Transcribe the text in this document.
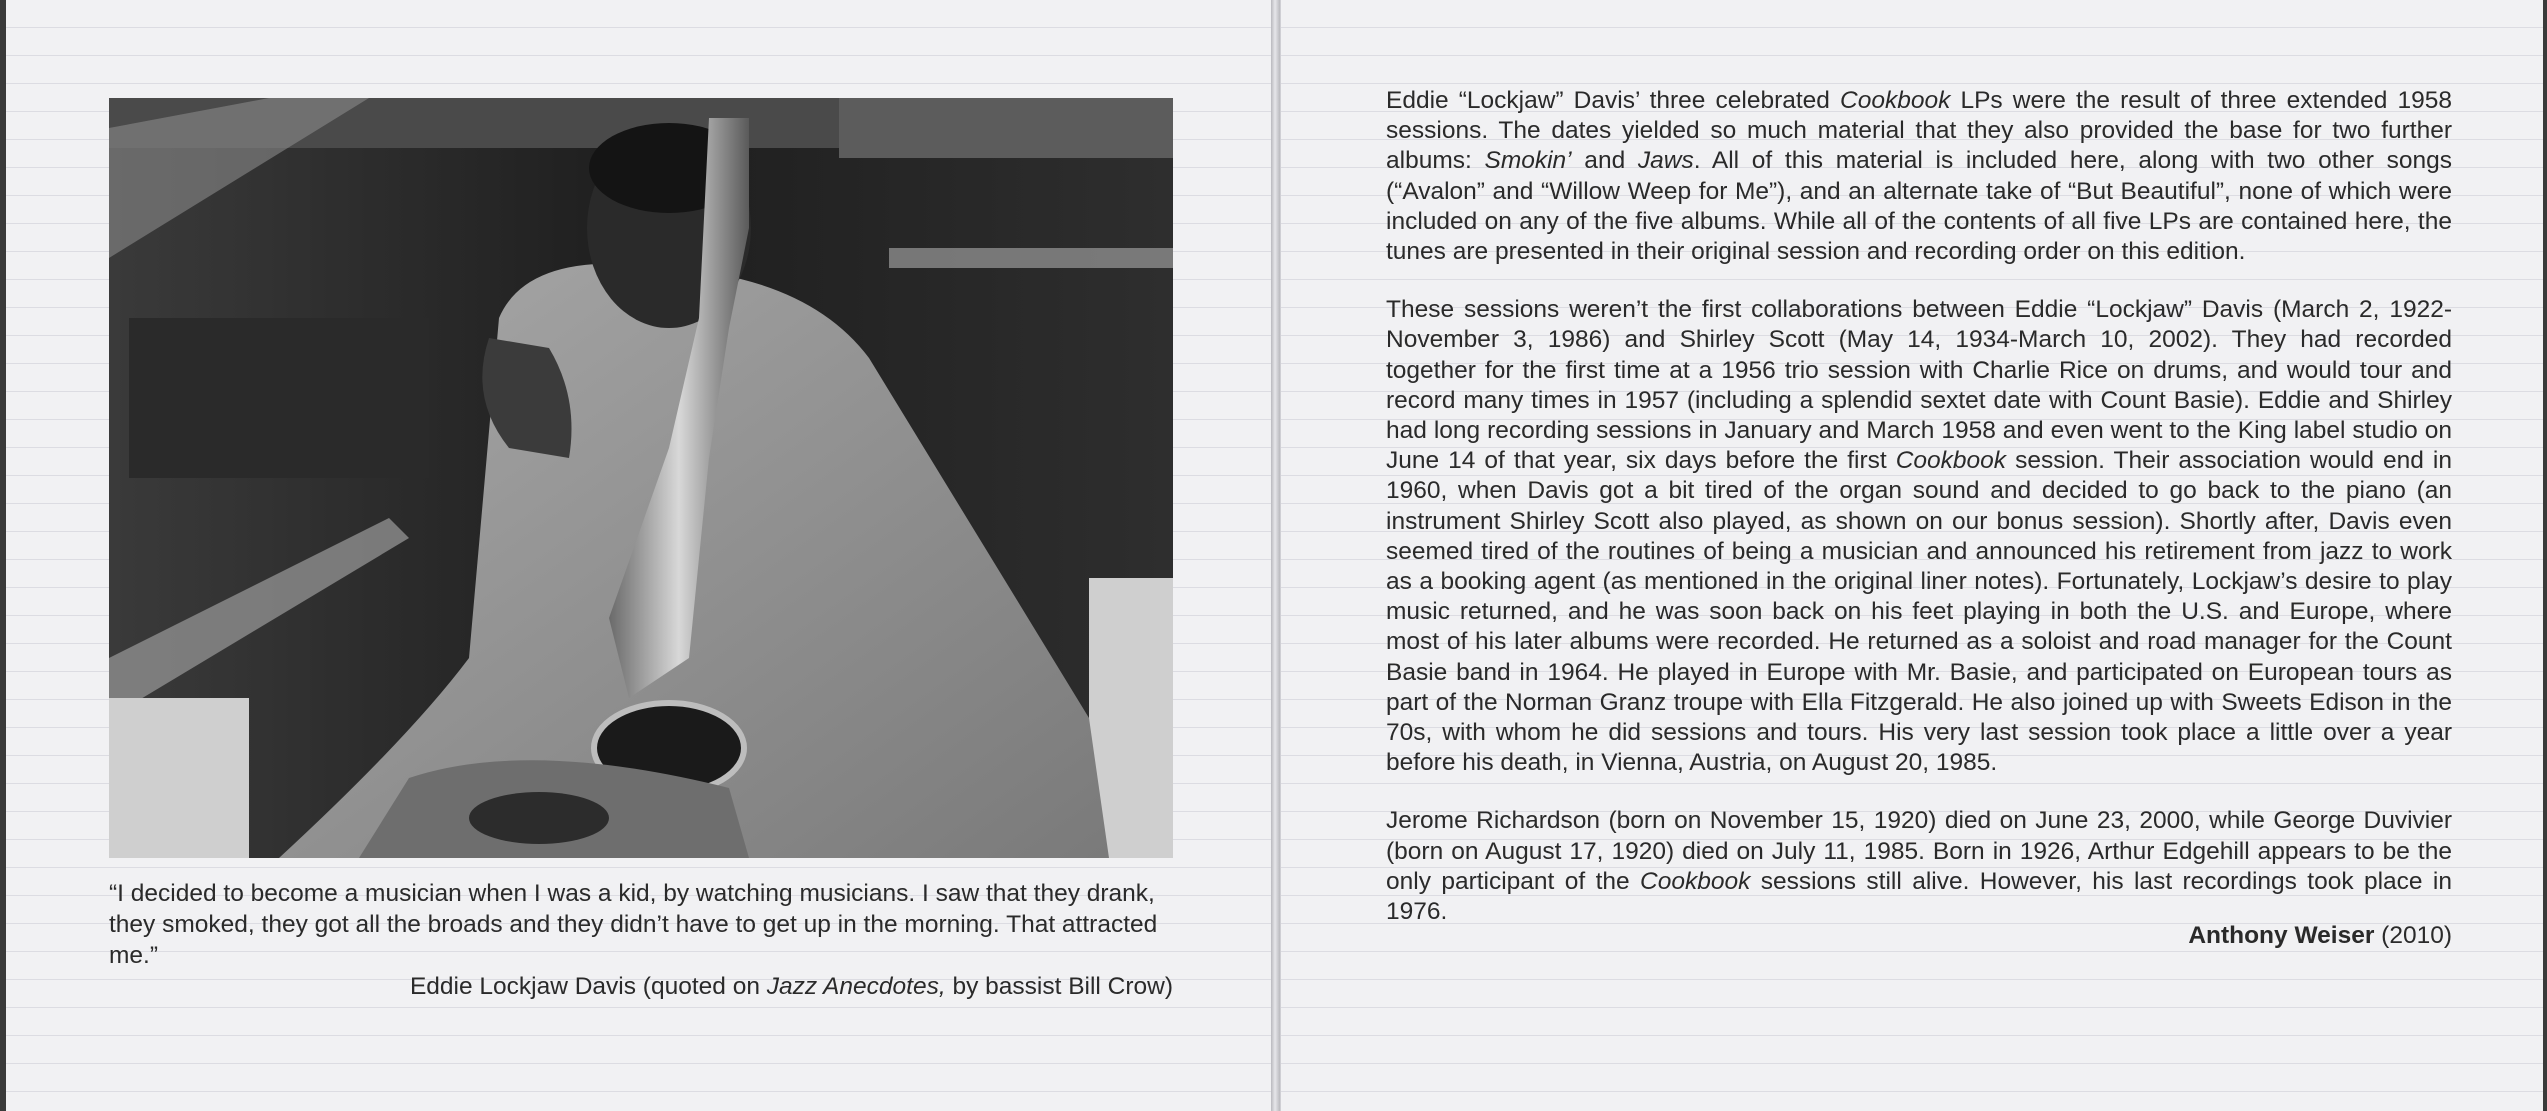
“I decided to become a musician when I was a kid, by watching musicians. I saw that they drank, they smoked, they got all the broads and they didn’t have to get up in the morning. That attracted me.”

Eddie Lockjaw Davis (quoted on Jazz Anecdotes, by bassist Bill Crow)

Eddie “Lockjaw” Davis’ three celebrated Cookbook LPs were the result of three extended 1958 sessions. The dates yielded so much material that they also provided the base for two further albums: Smokin’ and Jaws. All of this material is included here, along with two other songs (“Avalon” and “Willow Weep for Me”), and an alternate take of “But Beautiful”, none of which were included on any of the five albums. While all of the contents of all five LPs are contained here, the tunes are presented in their original session and recording order on this edition.

These sessions weren’t the first collaborations between Eddie “Lockjaw” Davis (March 2, 1922-November 3, 1986) and Shirley Scott (May 14, 1934-March 10, 2002). They had recorded together for the first time at a 1956 trio session with Charlie Rice on drums, and would tour and record many times in 1957 (including a splendid sextet date with Count Basie). Eddie and Shirley had long recording sessions in January and March 1958 and even went to the King label studio on June 14 of that year, six days before the first Cookbook session. Their association would end in 1960, when Davis got a bit tired of the organ sound and decided to go back to the piano (an instrument Shirley Scott also played, as shown on our bonus session). Shortly after, Davis even seemed tired of the routines of being a musician and announced his retirement from jazz to work as a booking agent (as mentioned in the original liner notes). Fortunately, Lockjaw’s desire to play music returned, and he was soon back on his feet playing in both the U.S. and Europe, where most of his later albums were recorded. He returned as a soloist and road manager for the Count Basie band in 1964. He played in Europe with Mr. Basie, and participated on European tours as part of the Norman Granz troupe with Ella Fitzgerald. He also joined up with Sweets Edison in the 70s, with whom he did sessions and tours. His very last session took place a little over a year before his death, in Vienna, Austria, on August 20, 1985.

Jerome Richardson (born on November 15, 1920) died on June 23, 2000, while George Duvivier (born on August 17, 1920) died on July 11, 1985. Born in 1926, Arthur Edgehill appears to be the only participant of the Cookbook sessions still alive. However, his last recordings took place in 1976.

Anthony Weiser (2010)
